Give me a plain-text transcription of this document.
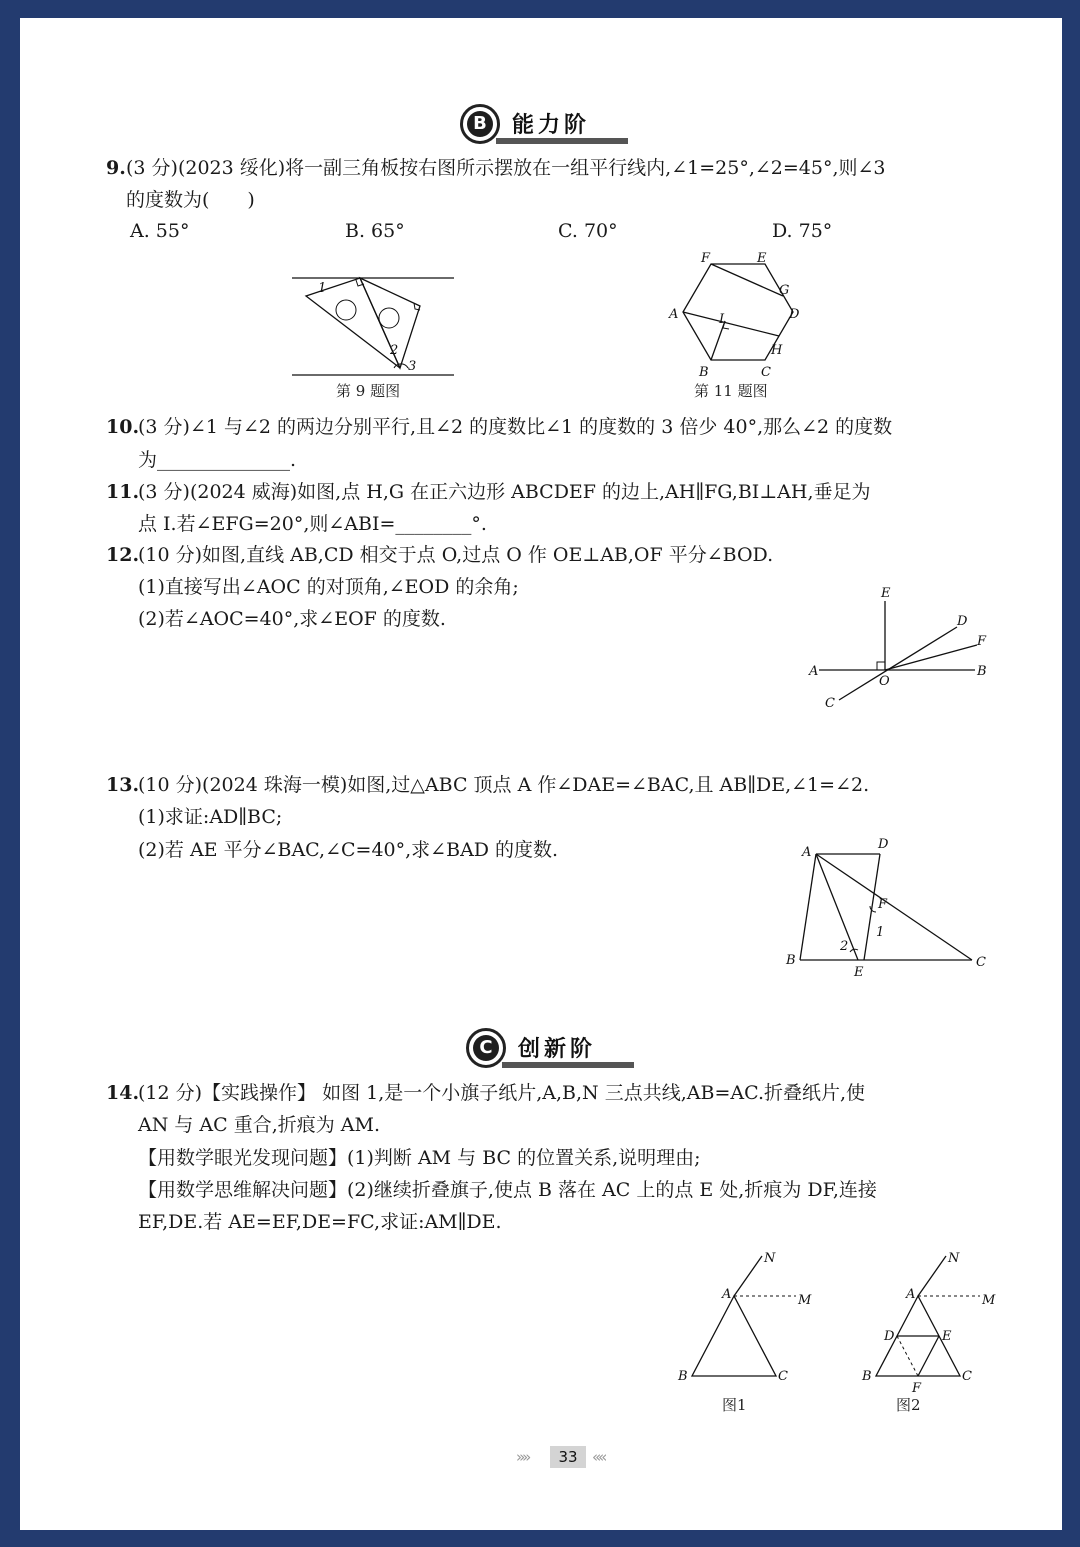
B 能力阶
9. (3 分)(2023 绥化)将一副三角板按右图所示摆放在一组平行线内,∠1=25°,∠2=45°,则∠3
的度数为(　　)
A. 55°	B. 65°	C. 70°	D. 75°
1
2
3
第 9 题图
F	E
G
A	I	D
H
B	C
第 11 题图
10.
(3 分)∠1 与∠2 的两边分别平行,且∠2 的度数比∠1 的度数的 3 倍少 40°,那么∠2 的度数
为______________.
11.
(3 分)(2024 威海)如图,点 H,G 在正六边形 ABCDEF 的边上,AH∥FG,BI⊥AH,垂足为
点 I.若∠EFG=20°,则∠ABI=________°.
12.
(10 分)如图,直线 AB,CD 相交于点 O,过点 O 作 OE⊥AB,OF 平分∠BOD.
(1)直接写出∠AOC 的对顶角,∠EOD 的余角;
(2)若∠AOC=40°,求∠EOF 的度数.
E
D
F
A
O
B
C
13.
(10 分)(2024 珠海一模)如图,过△ABC 顶点 A 作∠DAE=∠BAC,且 AB∥DE,∠1=∠2.
(1)求证:AD∥BC;
(2)若 AE 平分∠BAC,∠C=40°,求∠BAD 的度数.	A
D
F
1
2
B
E
C
C 创新阶
14.
(12 分)【实践操作】 如图 1,是一个小旗子纸片,A,B,N 三点共线,AB=AC.折叠纸片,使
AN 与 AC 重合,折痕为 AM.
【用数学眼光发现问题】(1)判断 AM 与 BC 的位置关系,说明理由;
【用数学思维解决问题】(2)继续折叠旗子,使点 B 落在 AC 上的点 E 处,折痕为 DF,连接
EF,DE.若 AE=EF,DE=FC,求证:AM∥DE.
N
A	M
B	C
图1
N
A	M
D	E
B
F
C
图2
»»	33 ««
